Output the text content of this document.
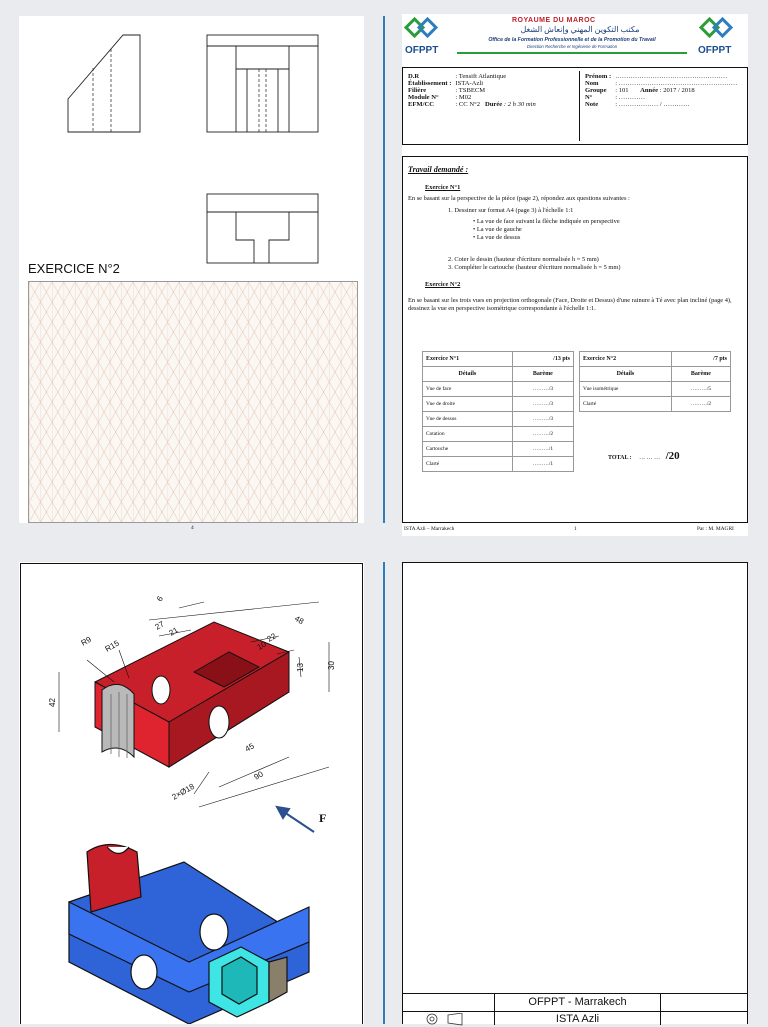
EXERCICE N°2
4
OFPPT
ROYAUME DU MAROC
مكتب التكوين المهني وإنعاش الشغل
Office de la Formation Professionnelle et de la Promotion du Travail
Direction Recherche et Ingénierie de Formation	OFPPT
D.R	: Tensift Atlantique
Établissement :	ISTA-Azli
Filière	: TSBECM
Module N°	: M02
EFM/CC	: CC N°2 Durée : 2 h 30 min
Prénom :	……………………………………………
Nom	: ………………………………………………
Groupe	: 101 Année : 2017 / 2018
N°	: …………
Note	: ……………… / …………
Travail demandé :
Exercice N°1
En se basant sur la perspective de la pièce (page 2), répondez aux questions suivantes :
1. Dessiner sur format A4 (page 3) à l'échelle 1:1
• La vue de face suivant la flèche indiquée en perspective
• La vue de gauche
• La vue de dessus
2. Coter le dessin (hauteur d'écriture normalisée h = 5 mm)
3. Compléter le cartouche (hauteur d'écriture normalisée h = 5 mm)
Exercice N°2
En se basant sur les trois vues en projection orthogonale (Face, Droite et Dessus) d'une rainure à Té avec plan incliné (page 4), dessinez la vue en perspective isométrique correspondante à l'échelle 1:1.
Exercice N°1	/13 pts
Détails	Barème
Vue de face	………/3
Vue de droite	………/3
Vue de dessus	………/3
Cotation	………/2
Cartouche	………/1
Clarté	………/1
Exercice N°2	/7 pts
Détails	Barème
Vue isométrique	………/5
Clarté	………/2
TOTAL : … … … /20
ISTA Azli – Marrakech	1	Par : M. MAGRI
6
48
27 21	22
10
13	30
R9 R15
42
45
90
2×Ø18
F
OFPPT - Marrakech
ISTA Azli
